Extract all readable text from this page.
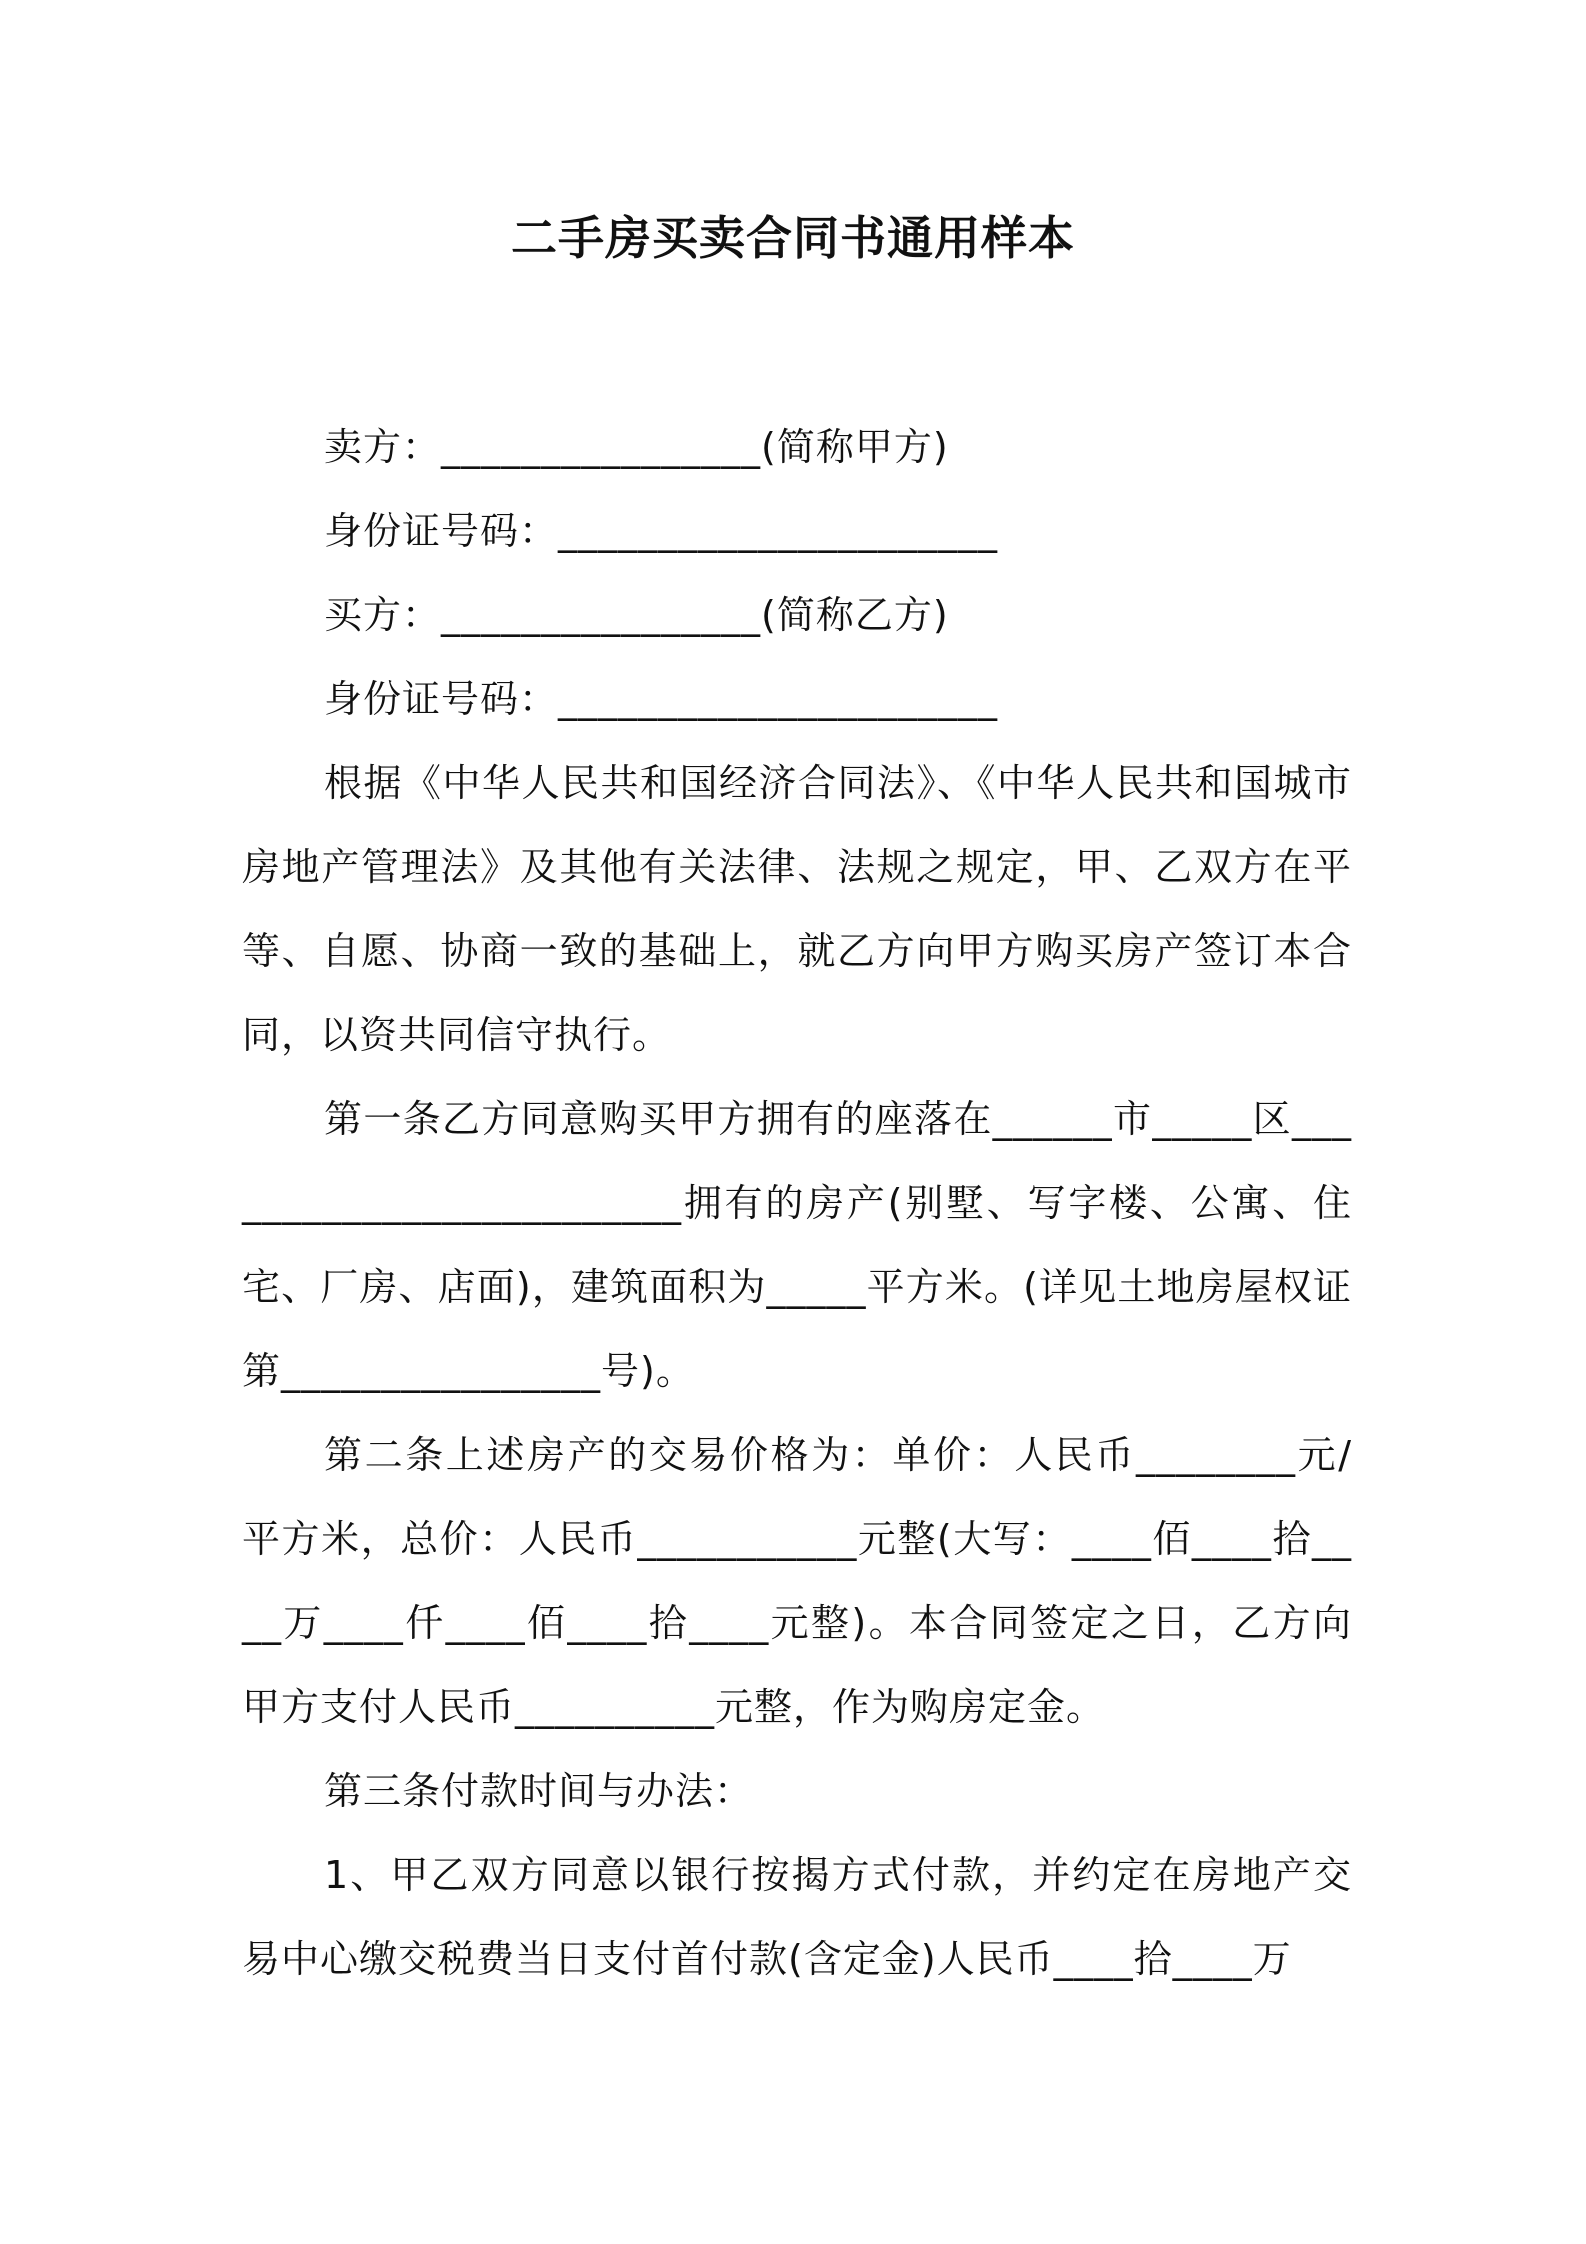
二手房买卖合同书通用样本

卖方：________________(简称甲方)

身份证号码：______________________

买方：________________(简称乙方)

身份证号码：______________________

根据《中华人民共和国经济合同法》、《中华人民共和国城市房地产管理法》及其他有关法律、法规之规定，甲、乙双方在平等、自愿、协商一致的基础上，就乙方向甲方购买房产签订本合同，以资共同信守执行。

第一条乙方同意购买甲方拥有的座落在______市_____区_________________________拥有的房产(别墅、写字楼、公寓、住宅、厂房、店面)，建筑面积为_____平方米。(详见土地房屋权证第________________号)。

第二条上述房产的交易价格为：单价：人民币________元/平方米，总价：人民币___________元整(大写：____佰____拾____万____仟____佰____拾____元整)。本合同签定之日，乙方向甲方支付人民币__________元整，作为购房定金。

第三条付款时间与办法：

1、甲乙双方同意以银行按揭方式付款，并约定在房地产交易中心缴交税费当日支付首付款(含定金)人民币____拾____万
